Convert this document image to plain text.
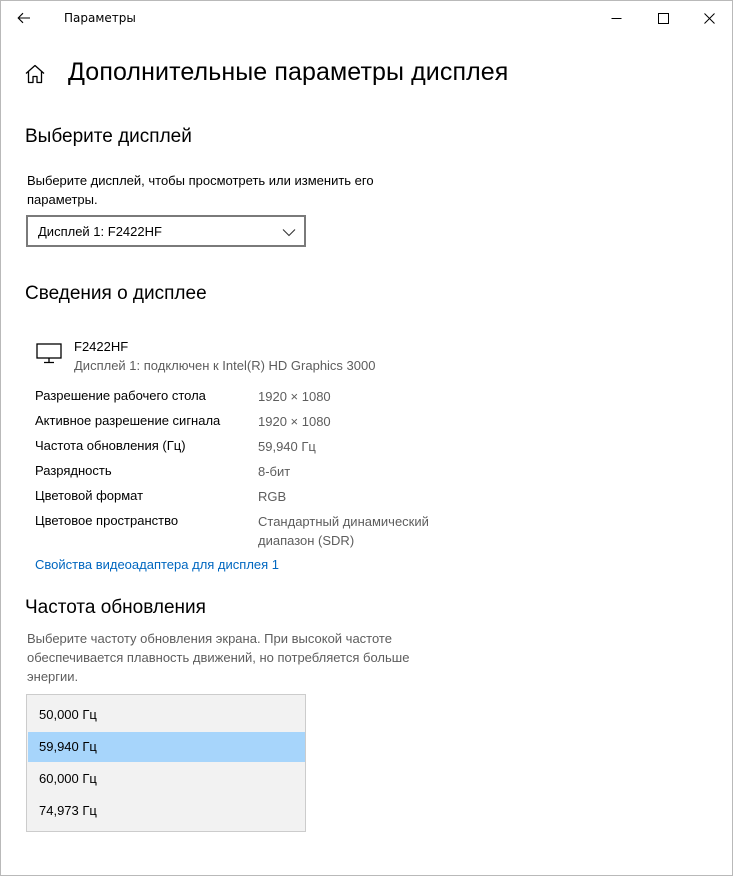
Параметры
Дополнительные параметры дисплея
Выберите дисплей
Выберите дисплей, чтобы просмотреть или изменить его параметры.
Дисплей 1: F2422HF
Сведения о дисплее
F2422HF
Дисплей 1: подключен к Intel(R) HD Graphics 3000
Разрешение рабочего стола	1920 × 1080
Активное разрешение сигнала	1920 × 1080
Частота обновления (Гц)	59,940 Гц
Разрядность	8-бит
Цветовой формат	RGB
Цветовое пространство	Стандартный динамический диапазон (SDR)
Свойства видеоадаптера для дисплея 1
Частота обновления
Выберите частоту обновления экрана. При высокой частоте обеспечивается плавность движений, но потребляется больше энергии.
50,000 Гц
59,940 Гц
60,000 Гц
74,973 Гц
